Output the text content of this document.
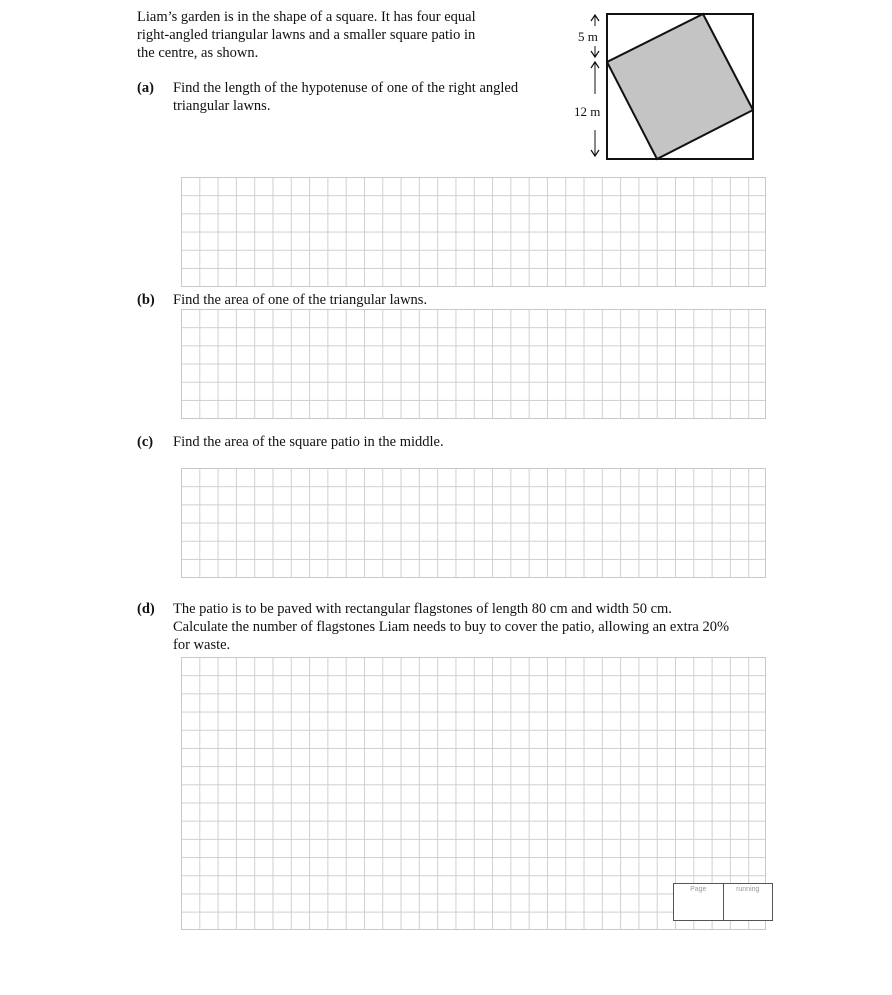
Liam’s garden is in the shape of a square. It has four equal
right-angled triangular lawns and a smaller square patio in
the centre, as shown.
5 m
12 m
(a) Find the length of the hypotenuse of one of the right angled
triangular lawns.
(b) Find the area of one of the triangular lawns.
(c) Find the area of the square patio in the middle.
(d) The patio is to be paved with rectangular flagstones of length 80 cm and width 50 cm.
Calculate the number of flagstones Liam needs to buy to cover the patio, allowing an extra 20%
for waste.
Page	running
